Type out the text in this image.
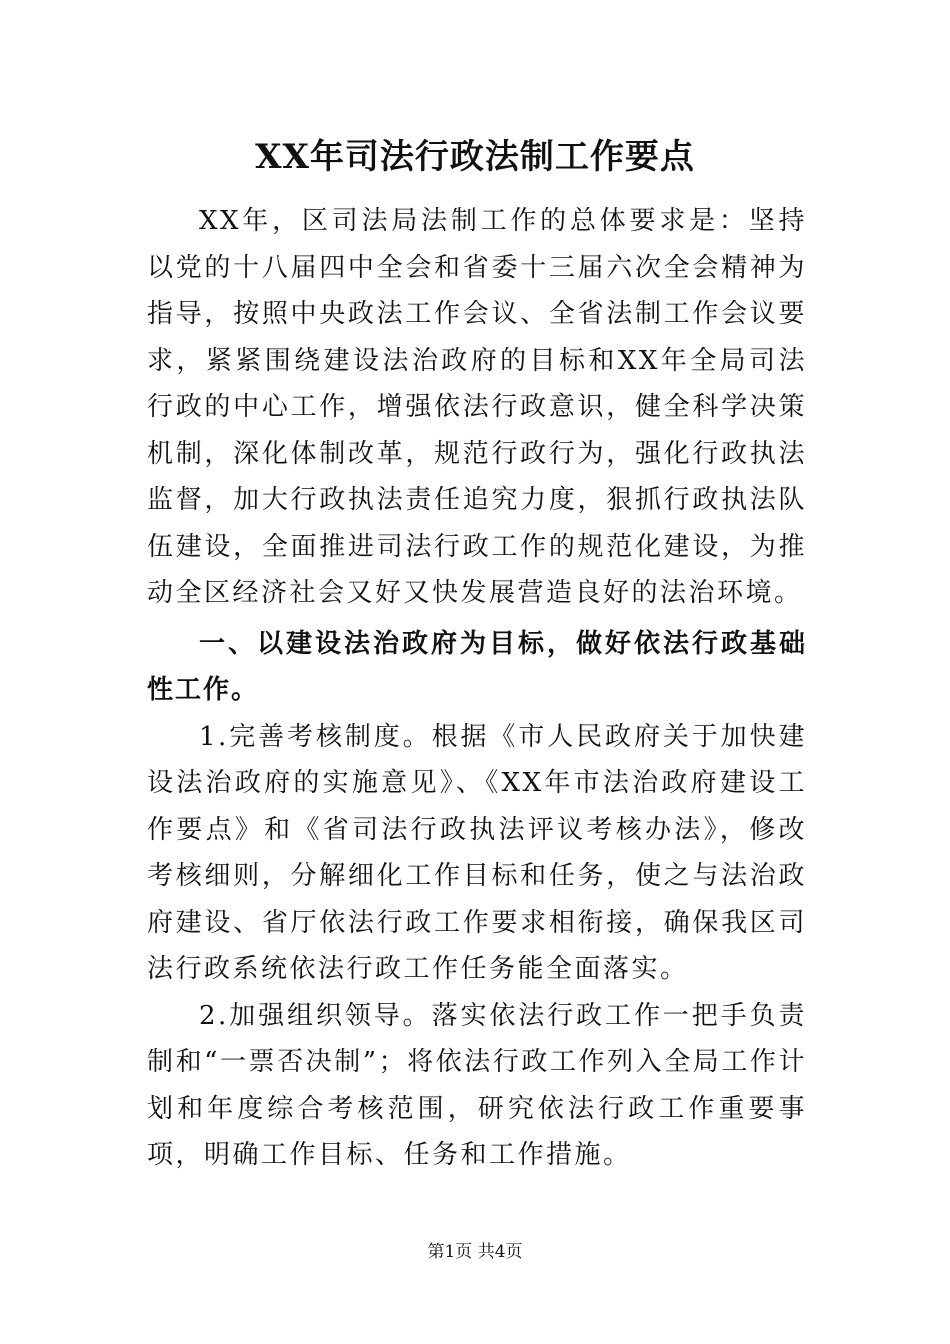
XX年司法行政法制工作要点

XX年，区司法局法制工作的总体要求是：坚持以党的十八届四中全会和省委十三届六次全会精神为指导，按照中央政法工作会议、全省法制工作会议要求，紧紧围绕建设法治政府的目标和XX年全局司法行政的中心工作，增强依法行政意识，健全科学决策机制，深化体制改革，规范行政行为，强化行政执法监督，加大行政执法责任追究力度，狠抓行政执法队伍建设，全面推进司法行政工作的规范化建设，为推动全区经济社会又好又快发展营造良好的法治环境。

一、以建设法治政府为目标，做好依法行政基础性工作。

1.完善考核制度。根据《市人民政府关于加快建设法治政府的实施意见》、《XX年市法治政府建设工作要点》和《省司法行政执法评议考核办法》，修改考核细则，分解细化工作目标和任务，使之与法治政府建设、省厅依法行政工作要求相衔接，确保我区司法行政系统依法行政工作任务能全面落实。

2.加强组织领导。落实依法行政工作一把手负责制和“一票否决制”；将依法行政工作列入全局工作计划和年度综合考核范围，研究依法行政工作重要事项，明确工作目标、任务和工作措施。

第1页 共4页
